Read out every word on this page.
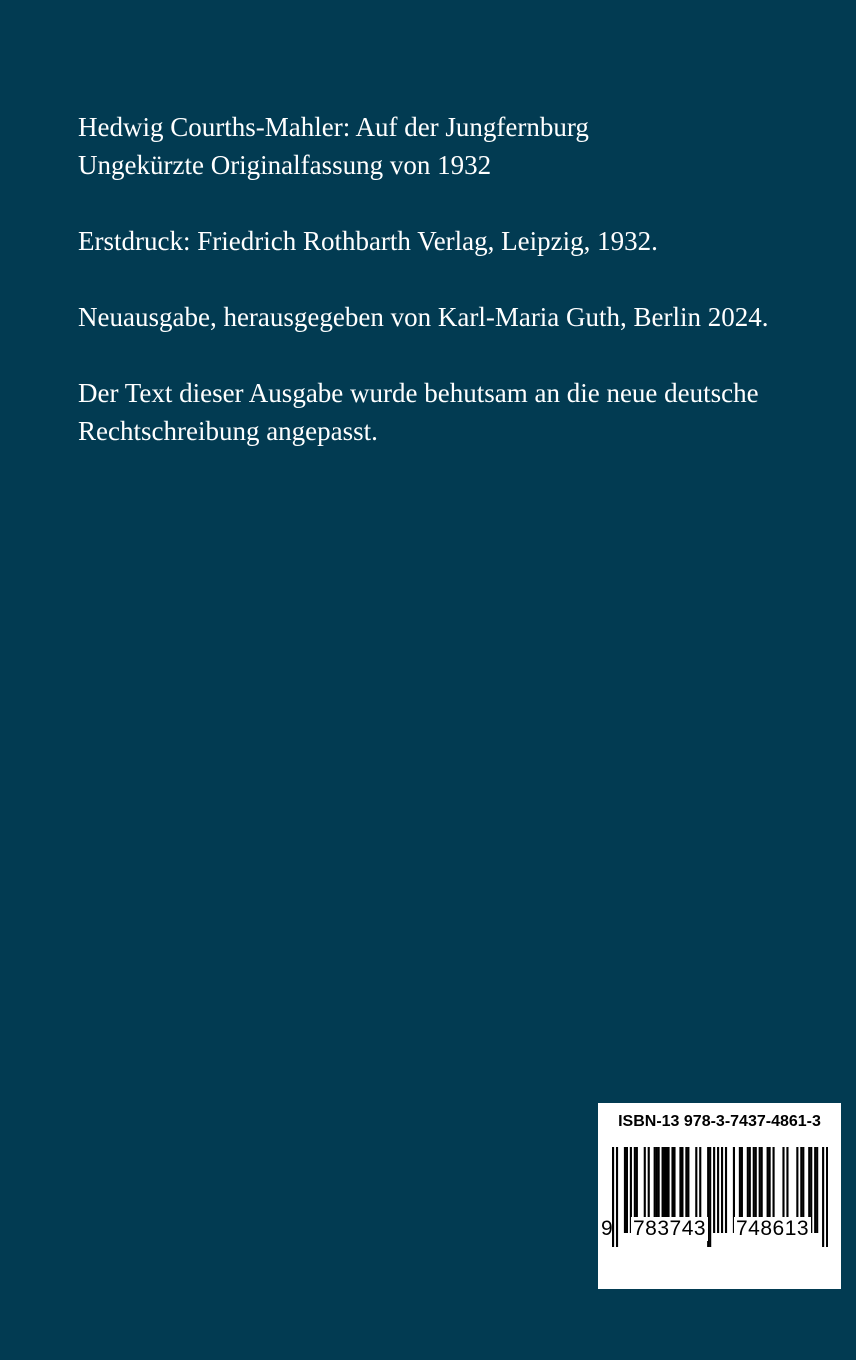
Hedwig Courths-Mahler: Auf der Jungfernburg

Ungekürzte Originalfassung von 1932

Erstdruck: Friedrich Rothbarth Verlag, Leipzig, 1932.

Neuausgabe, herausgegeben von Karl-Maria Guth, Berlin 2024.

Der Text dieser Ausgabe wurde behutsam an die neue deutsche

Rechtschreibung angepasst.

ISBN-13 978-3-7437-4861-3
9 783743 748613
